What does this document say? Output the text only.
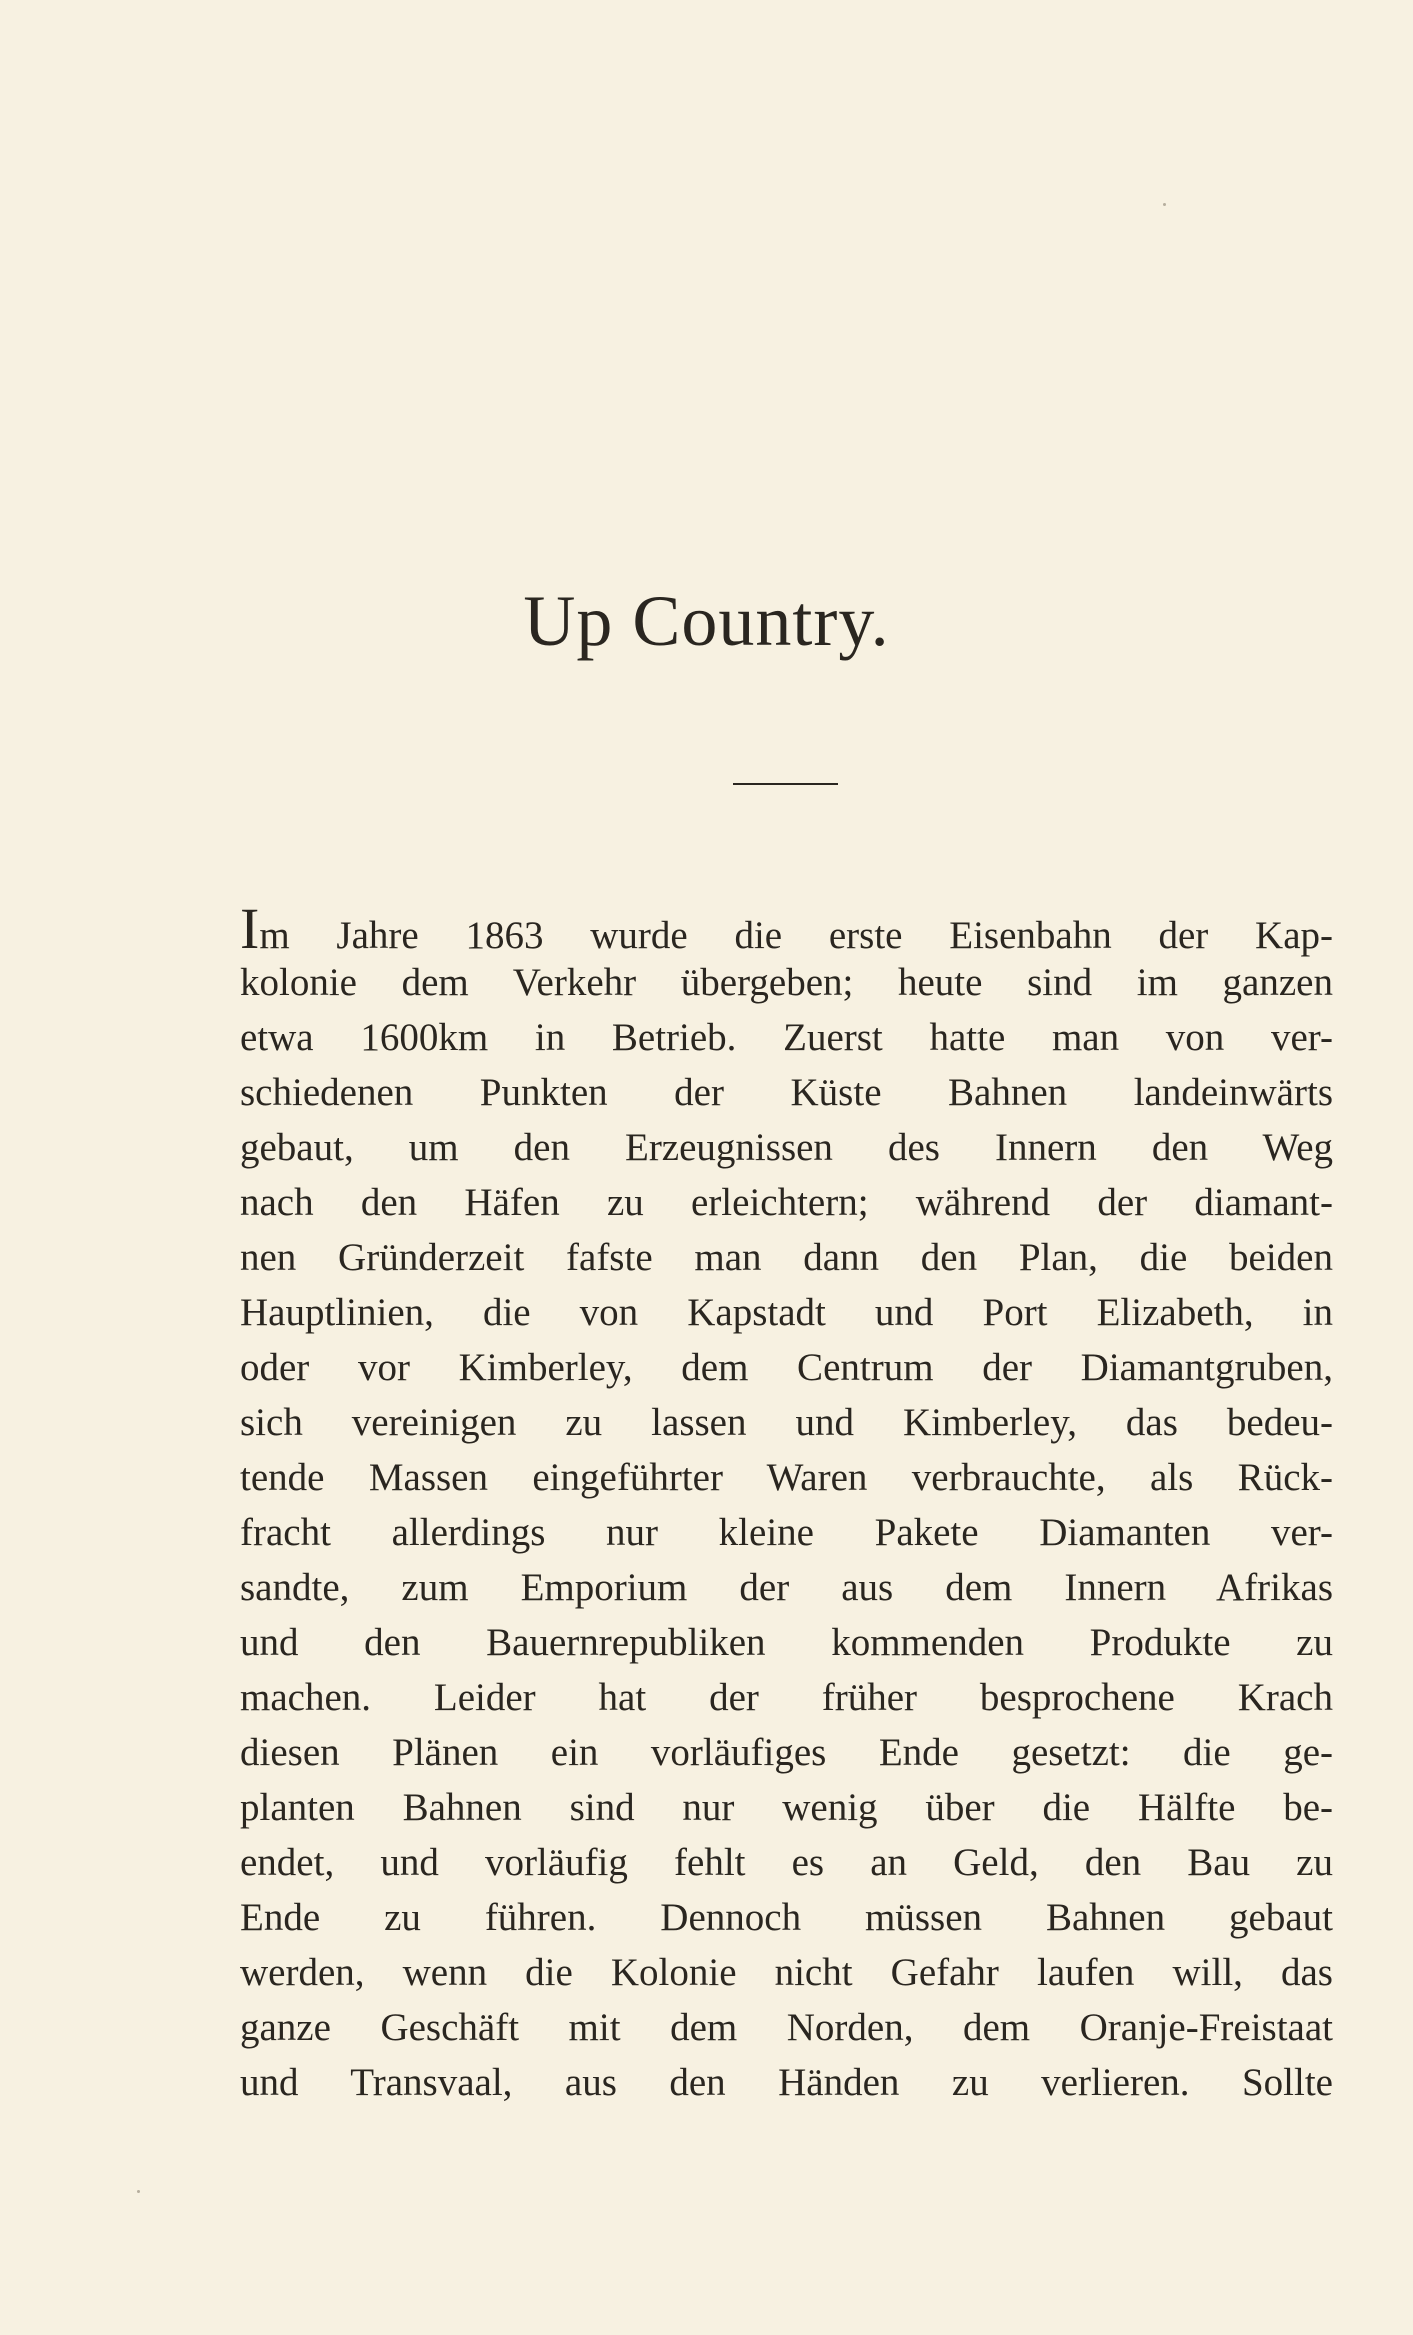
Up Country.
Im Jahre 1863 wurde die erste Eisenbahn der Kap-
kolonie dem Verkehr übergeben; heute sind im ganzen
etwa 1600km in Betrieb. Zuerst hatte man von ver-
schiedenen Punkten der Küste Bahnen landeinwärts
gebaut, um den Erzeugnissen des Innern den Weg
nach den Häfen zu erleichtern; während der diamant-
nen Gründerzeit fafste man dann den Plan, die beiden
Hauptlinien, die von Kapstadt und Port Elizabeth, in
oder vor Kimberley, dem Centrum der Diamantgruben,
sich vereinigen zu lassen und Kimberley, das bedeu-
tende Massen eingeführter Waren verbrauchte, als Rück-
fracht allerdings nur kleine Pakete Diamanten ver-
sandte, zum Emporium der aus dem Innern Afrikas
und den Bauernrepubliken kommenden Produkte zu
machen. Leider hat der früher besprochene Krach
diesen Plänen ein vorläufiges Ende gesetzt: die ge-
planten Bahnen sind nur wenig über die Hälfte be-
endet, und vorläufig fehlt es an Geld, den Bau zu
Ende zu führen. Dennoch müssen Bahnen gebaut
werden, wenn die Kolonie nicht Gefahr laufen will, das
ganze Geschäft mit dem Norden, dem Oranje-Freistaat
und Transvaal, aus den Händen zu verlieren. Sollte
